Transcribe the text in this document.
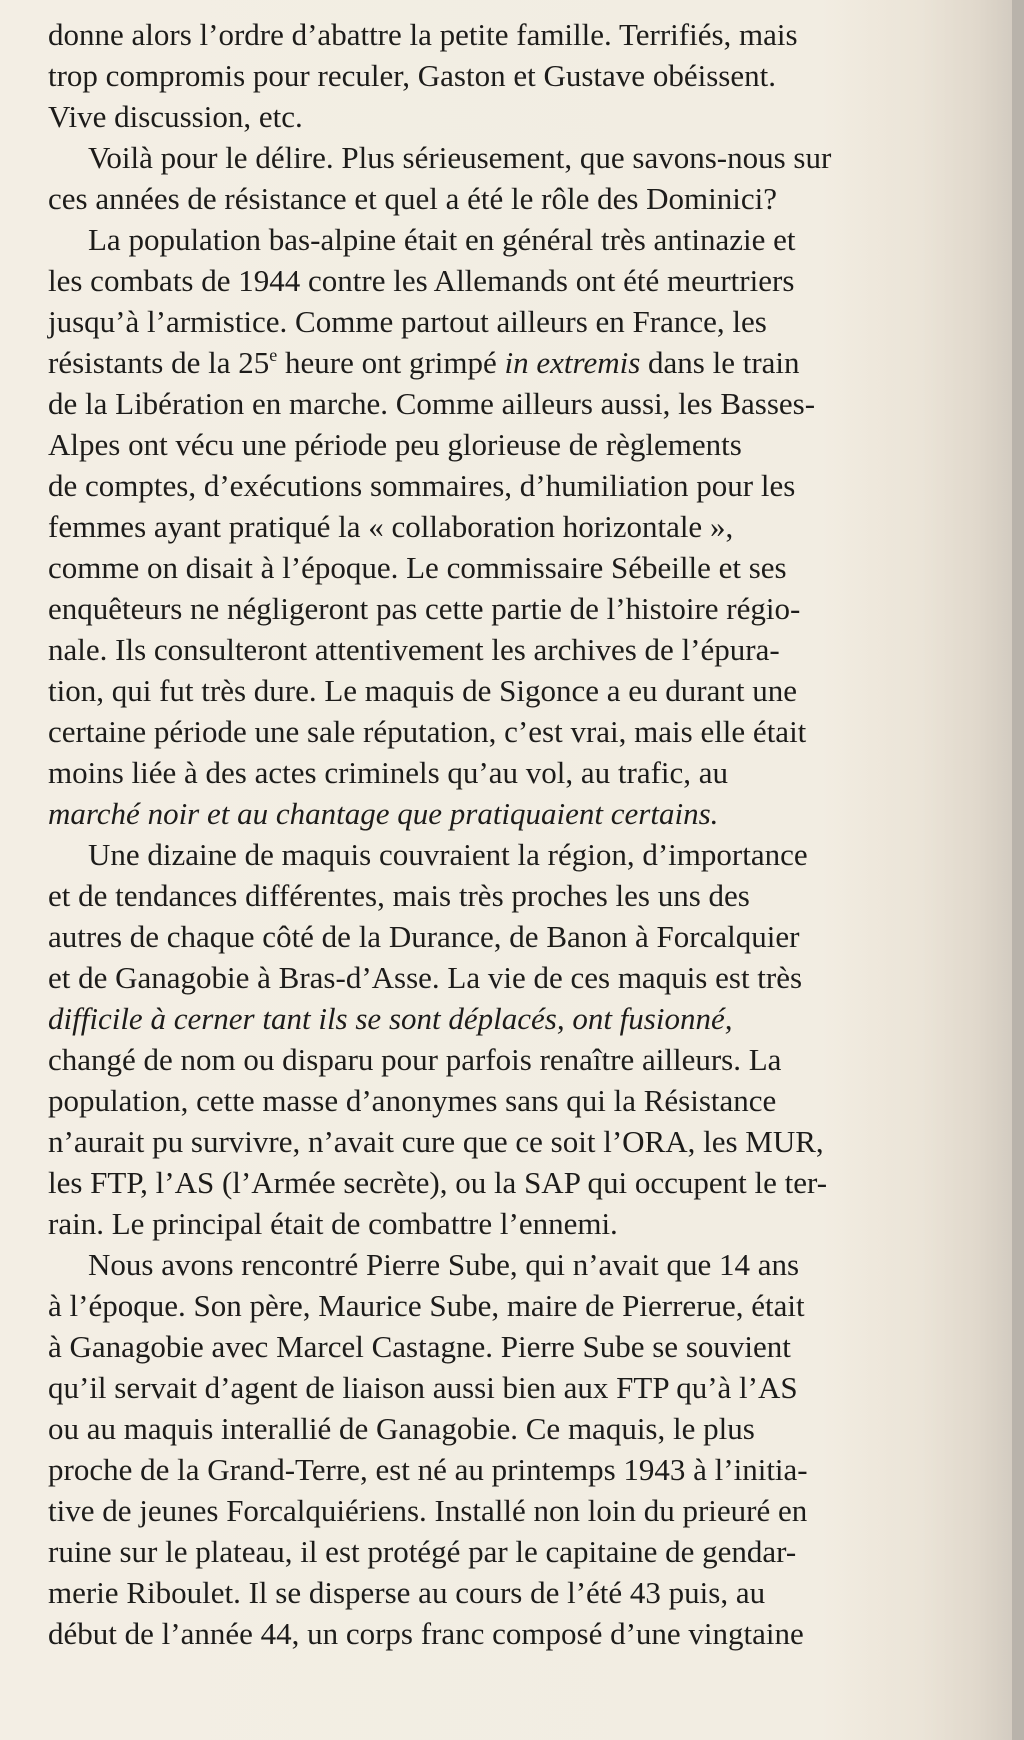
donne alors l’ordre d’abattre la petite famille. Terrifiés, mais
trop compromis pour reculer, Gaston et Gustave obéissent.
Vive discussion, etc.
Voilà pour le délire. Plus sérieusement, que savons-nous sur
ces années de résistance et quel a été le rôle des Dominici?
La population bas-alpine était en général très antinazie et
les combats de 1944 contre les Allemands ont été meurtriers
jusqu’à l’armistice. Comme partout ailleurs en France, les
résistants de la 25e heure ont grimpé in extremis dans le train
de la Libération en marche. Comme ailleurs aussi, les Basses-
Alpes ont vécu une période peu glorieuse de règlements
de comptes, d’exécutions sommaires, d’humiliation pour les
femmes ayant pratiqué la « collaboration horizontale »,
comme on disait à l’époque. Le commissaire Sébeille et ses
enquêteurs ne négligeront pas cette partie de l’histoire régio-
nale. Ils consulteront attentivement les archives de l’épura-
tion, qui fut très dure. Le maquis de Sigonce a eu durant une
certaine période une sale réputation, c’est vrai, mais elle était
moins liée à des actes criminels qu’au vol, au trafic, au
marché noir et au chantage que pratiquaient certains.
Une dizaine de maquis couvraient la région, d’importance
et de tendances différentes, mais très proches les uns des
autres de chaque côté de la Durance, de Banon à Forcalquier
et de Ganagobie à Bras-d’Asse. La vie de ces maquis est très
difficile à cerner tant ils se sont déplacés, ont fusionné,
changé de nom ou disparu pour parfois renaître ailleurs. La
population, cette masse d’anonymes sans qui la Résistance
n’aurait pu survivre, n’avait cure que ce soit l’ORA, les MUR,
les FTP, l’AS (l’Armée secrète), ou la SAP qui occupent le ter-
rain. Le principal était de combattre l’ennemi.
Nous avons rencontré Pierre Sube, qui n’avait que 14 ans
à l’époque. Son père, Maurice Sube, maire de Pierrerue, était
à Ganagobie avec Marcel Castagne. Pierre Sube se souvient
qu’il servait d’agent de liaison aussi bien aux FTP qu’à l’AS
ou au maquis interallié de Ganagobie. Ce maquis, le plus
proche de la Grand-Terre, est né au printemps 1943 à l’initia-
tive de jeunes Forcalquiériens. Installé non loin du prieuré en
ruine sur le plateau, il est protégé par le capitaine de gendar-
merie Riboulet. Il se disperse au cours de l’été 43 puis, au
début de l’année 44, un corps franc composé d’une vingtaine
